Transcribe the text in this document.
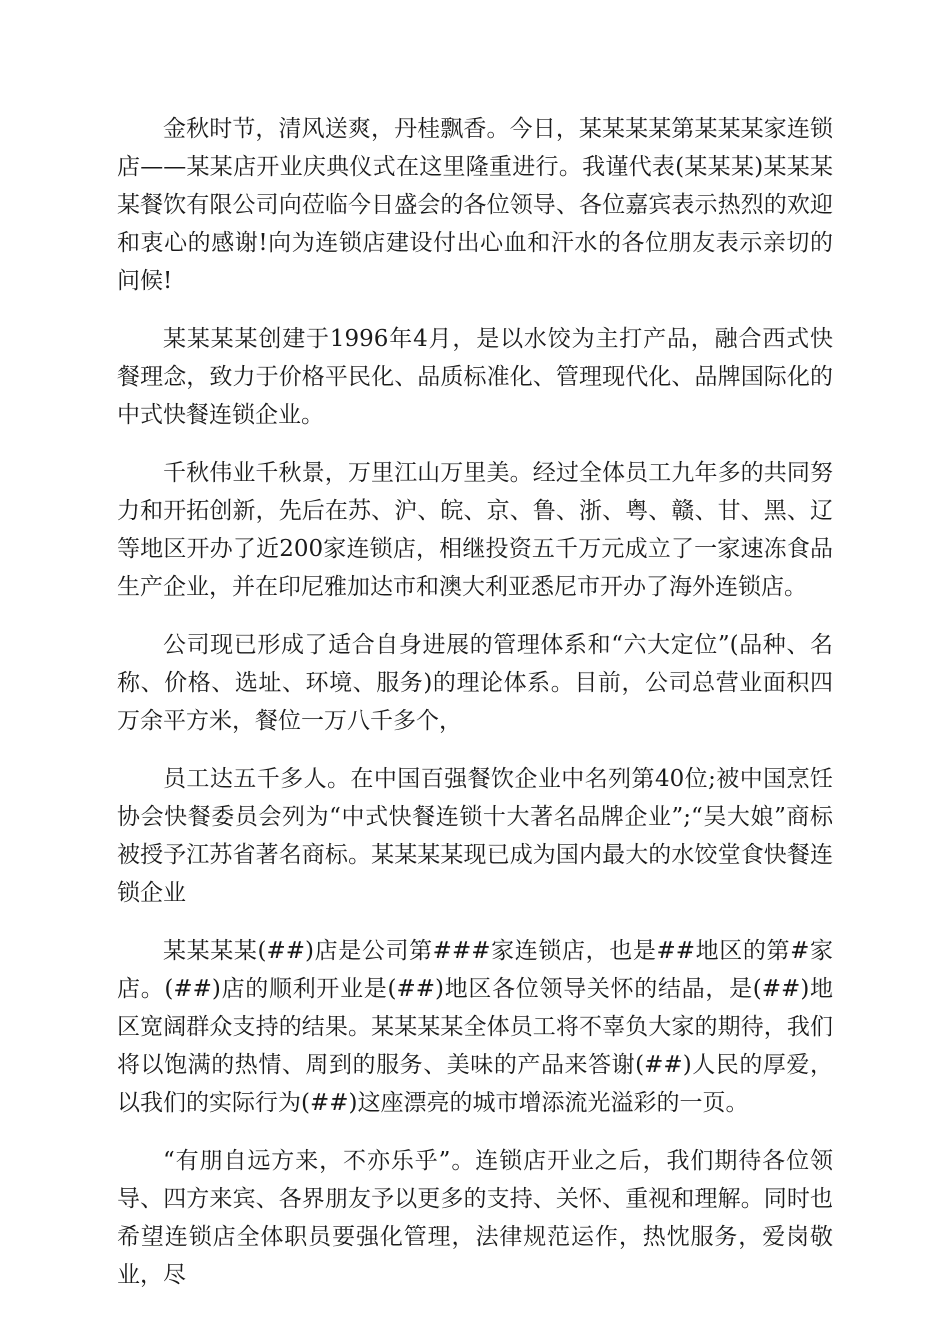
金秋时节，清风送爽，丹桂飘香。今日，某某某某第某某某家连锁店——某某店开业庆典仪式在这里隆重进行。我谨代表(某某某)某某某某餐饮有限公司向莅临今日盛会的各位领导、各位嘉宾表示热烈的欢迎和衷心的感谢!向为连锁店建设付出心血和汗水的各位朋友表示亲切的问候!

某某某某创建于1996年4月，是以水饺为主打产品，融合西式快餐理念，致力于价格平民化、品质标准化、管理现代化、品牌国际化的中式快餐连锁企业。

千秋伟业千秋景，万里江山万里美。经过全体员工九年多的共同努力和开拓创新，先后在苏、沪、皖、京、鲁、浙、粤、赣、甘、黑、辽等地区开办了近200家连锁店，相继投资五千万元成立了一家速冻食品生产企业，并在印尼雅加达市和澳大利亚悉尼市开办了海外连锁店。

公司现已形成了适合自身进展的管理体系和“六大定位”(品种、名称、价格、选址、环境、服务)的理论体系。目前，公司总营业面积四万余平方米，餐位一万八千多个，

员工达五千多人。在中国百强餐饮企业中名列第40位;被中国烹饪协会快餐委员会列为“中式快餐连锁十大著名品牌企业”;“吴大娘”商标被授予江苏省著名商标。某某某某现已成为国内最大的水饺堂食快餐连锁企业

某某某某(##)店是公司第###家连锁店，也是##地区的第#家店。(##)店的顺利开业是(##)地区各位领导关怀的结晶，是(##)地区宽阔群众支持的结果。某某某某全体员工将不辜负大家的期待，我们将以饱满的热情、周到的服务、美味的产品来答谢(##)人民的厚爱，以我们的实际行为(##)这座漂亮的城市增添流光溢彩的一页。

“有朋自远方来，不亦乐乎”。连锁店开业之后，我们期待各位领导、四方来宾、各界朋友予以更多的支持、关怀、重视和理解。同时也希望连锁店全体职员要强化管理，法律规范运作，热忱服务，爱岗敬业，尽
